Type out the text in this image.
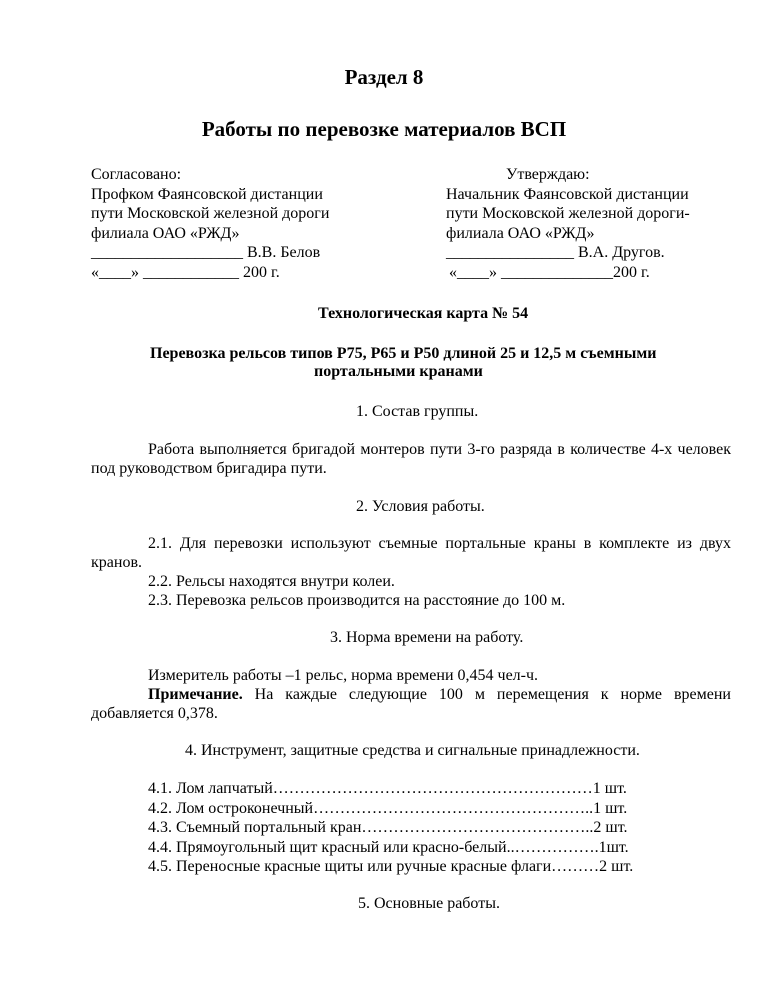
Раздел 8
Работы по перевозке материалов ВСП
Согласовано:
Профком Фаянсовской дистанции
пути Московской железной дороги
филиала ОАО «РЖД»
___________________ В.В. Белов
«____» ____________ 200 г.
Утверждаю:
Начальник Фаянсовской дистанции
пути Московской железной дороги-
филиала ОАО «РЖД»
________________ В.А. Другов.
«____» ______________200 г.
Технологическая карта № 54
Перевозка рельсов типов Р75, Р65 и Р50 длиной 25 и 12,5 м съемными
портальными кранами
1. Состав группы.
Работа выполняется бригадой монтеров пути 3-го разряда в количестве 4-х человек под руководством бригадира пути.
2. Условия работы.
2.1. Для перевозки используют съемные портальные краны в комплекте из двух кранов.
2.2. Рельсы находятся внутри колеи.
2.3. Перевозка рельсов производится на расстояние до 100 м.
3. Норма времени на работу.
Измеритель работы –1 рельс, норма времени 0,454 чел-ч.
Примечание. На каждые следующие 100 м перемещения к норме времени добавляется 0,378.
4. Инструмент, защитные средства и сигнальные принадлежности.
4.1. Лом лапчатый……………………………………………………1 шт.
4.2. Лом остроконечный……………………………………………..1 шт.
4.3. Съемный портальный кран……………………………………..2 шт.
4.4. Прямоугольный щит красный или красно-белый..…………….1шт.
4.5. Переносные красные щиты или ручные красные флаги………2 шт.
5. Основные работы.
